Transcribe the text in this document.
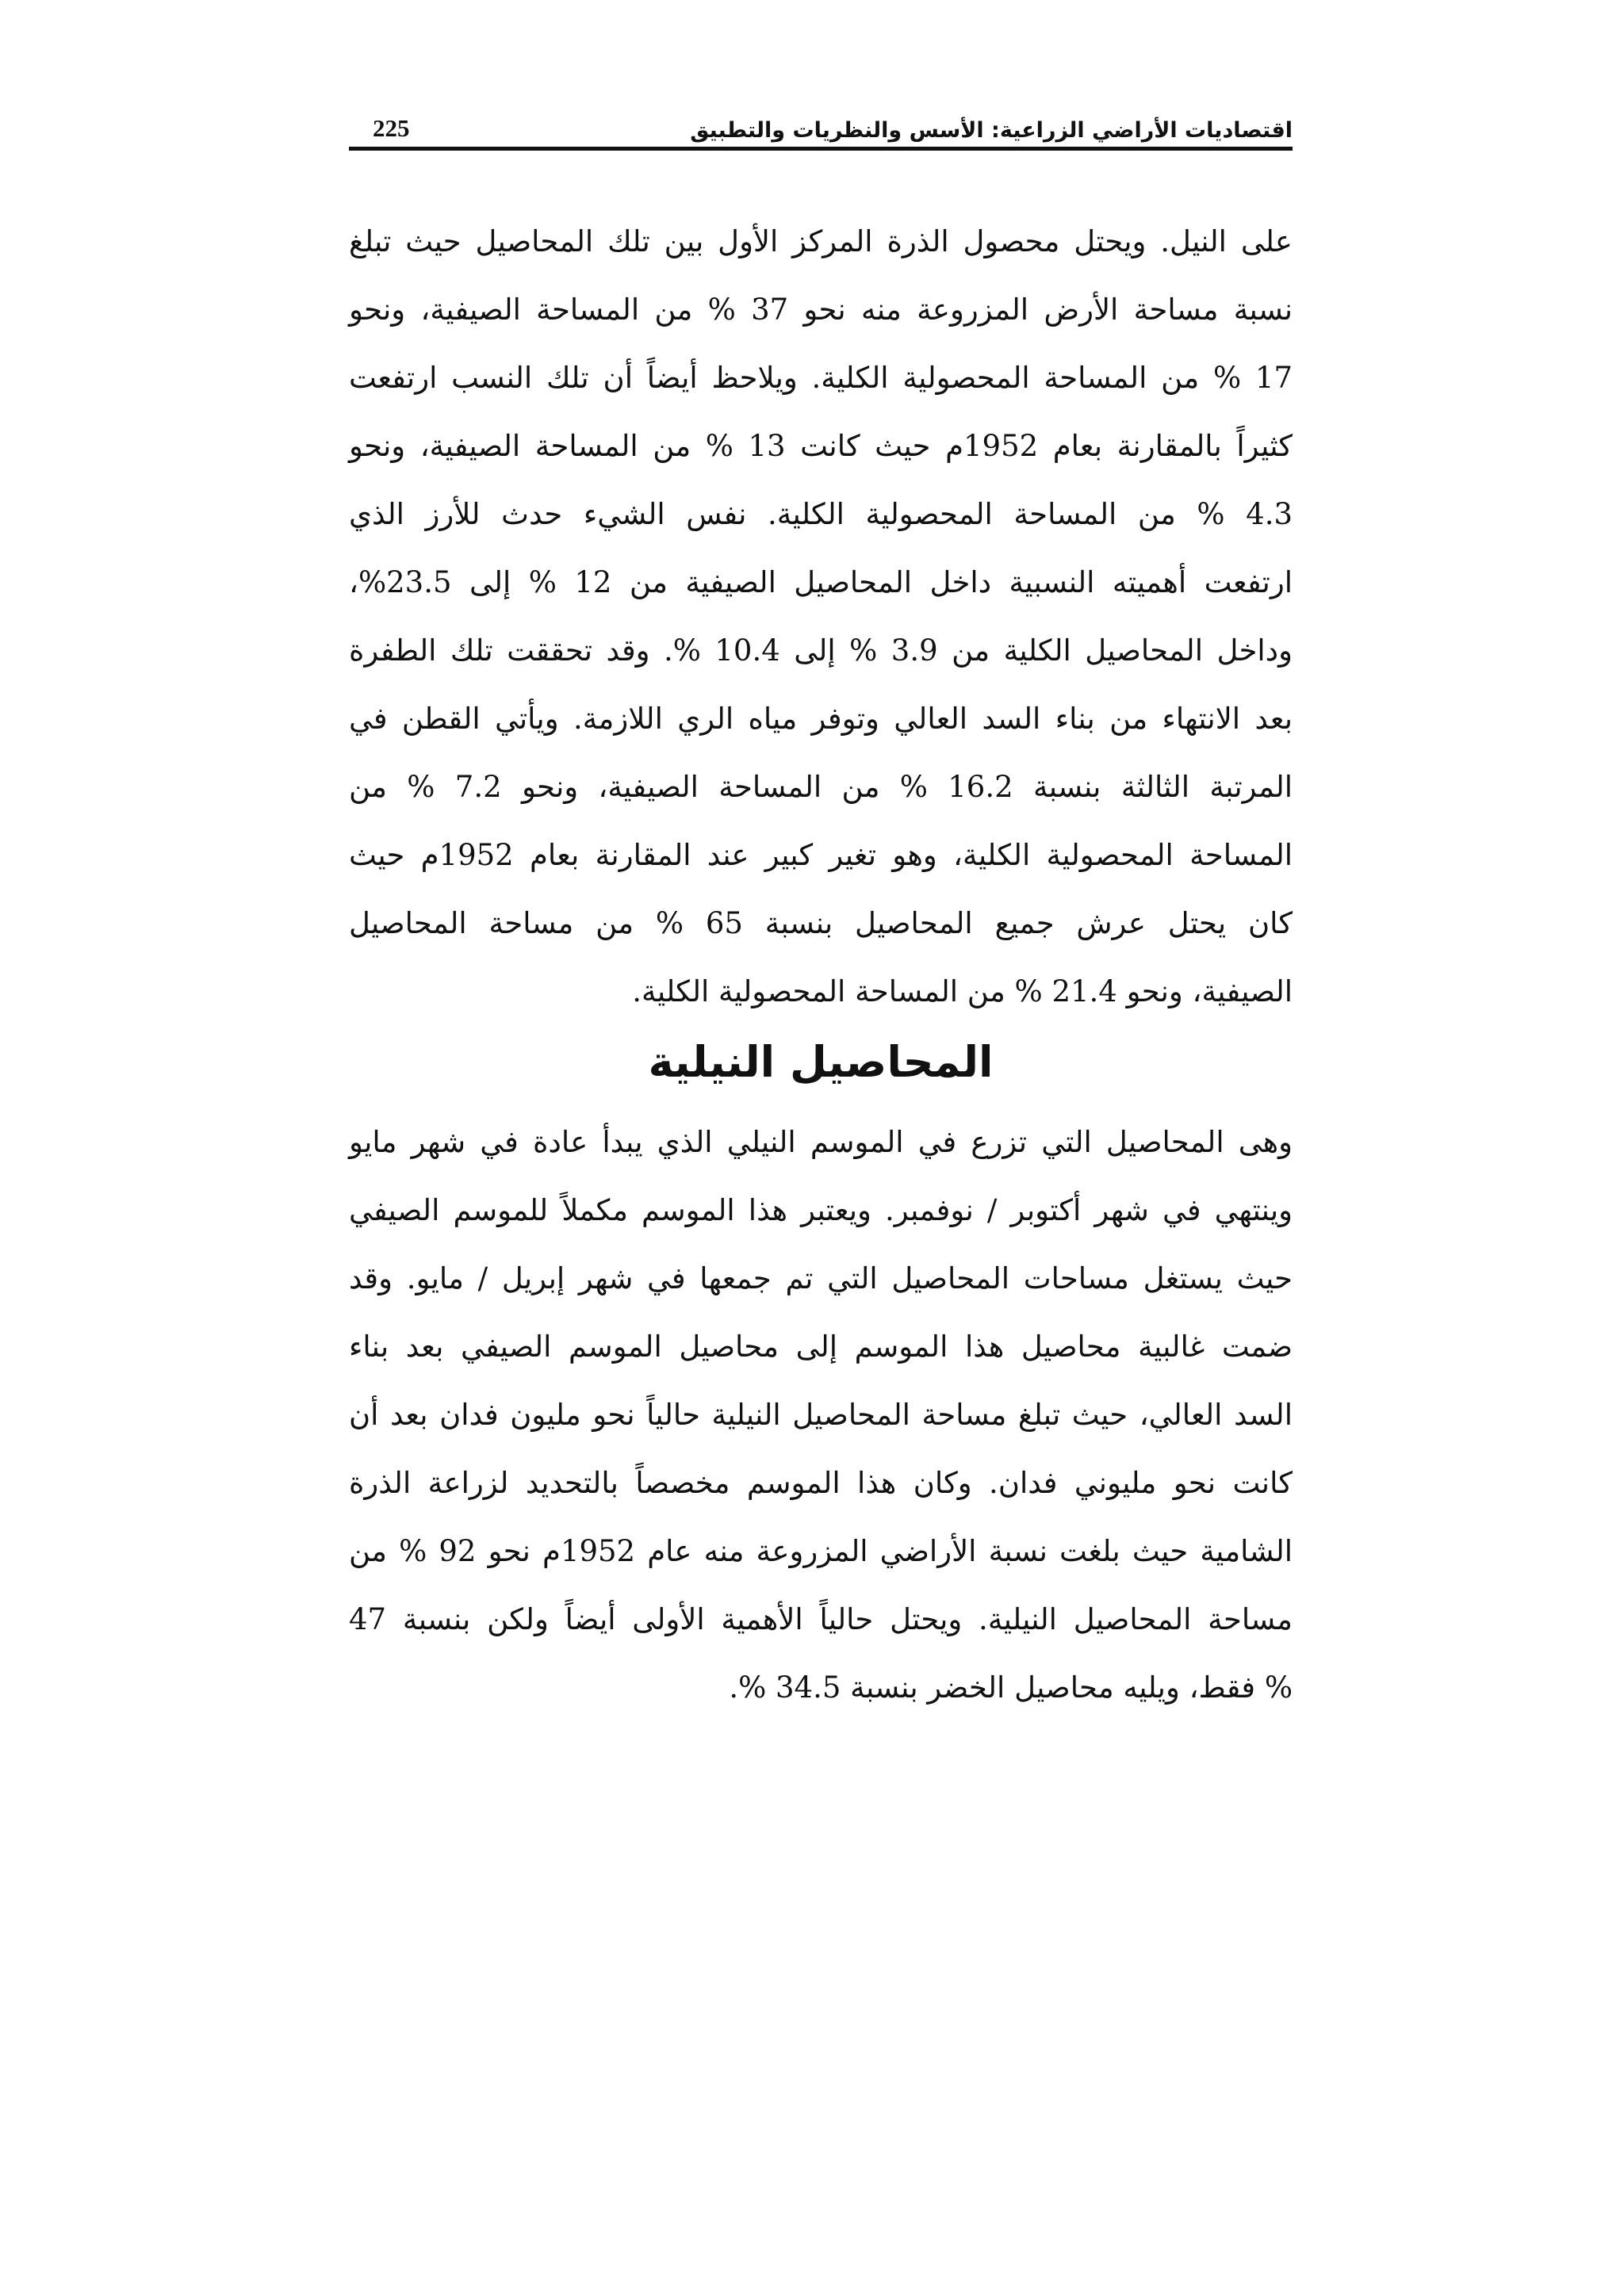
اقتصاديات الأراضي الزراعية: الأسس والنظريات والتطبيق
225
على النيل. ويحتل محصول الذرة المركز الأول بين تلك المحاصيل حيث تبلغ
نسبة مساحة الأرض المزروعة منه نحو 37 % من المساحة الصيفية، ونحو
17 % من المساحة المحصولية الكلية. ويلاحظ أيضاً أن تلك النسب ارتفعت
كثيراً بالمقارنة بعام 1952م حيث كانت 13 % من المساحة الصيفية، ونحو
4.3 % من المساحة المحصولية الكلية. نفس الشيء حدث للأرز الذي
ارتفعت أهميته النسبية داخل المحاصيل الصيفية من 12 % إلى 23.5%،
وداخل المحاصيل الكلية من 3.9 % إلى 10.4 %. وقد تحققت تلك الطفرة
بعد الانتهاء من بناء السد العالي وتوفر مياه الري اللازمة. ويأتي القطن في
المرتبة الثالثة بنسبة 16.2 % من المساحة الصيفية، ونحو 7.2 % من
المساحة المحصولية الكلية، وهو تغير كبير عند المقارنة بعام 1952م حيث
كان يحتل عرش جميع المحاصيل بنسبة 65 % من مساحة المحاصيل
الصيفية، ونحو 21.4 % من المساحة المحصولية الكلية.
المحاصيل النيلية
وهى المحاصيل التي تزرع في الموسم النيلي الذي يبدأ عادة في شهر مايو
وينتهي في شهر أكتوبر / نوفمبر. ويعتبر هذا الموسم مكملاً للموسم الصيفي
حيث يستغل مساحات المحاصيل التي تم جمعها في شهر إبريل / مايو. وقد
ضمت غالبية محاصيل هذا الموسم إلى محاصيل الموسم الصيفي بعد بناء
السد العالي، حيث تبلغ مساحة المحاصيل النيلية حالياً نحو مليون فدان بعد أن
كانت نحو مليوني فدان. وكان هذا الموسم مخصصاً بالتحديد لزراعة الذرة
الشامية حيث بلغت نسبة الأراضي المزروعة منه عام 1952م نحو 92 % من
مساحة المحاصيل النيلية. ويحتل حالياً الأهمية الأولى أيضاً ولكن بنسبة 47
% فقط، ويليه محاصيل الخضر بنسبة 34.5 %.
